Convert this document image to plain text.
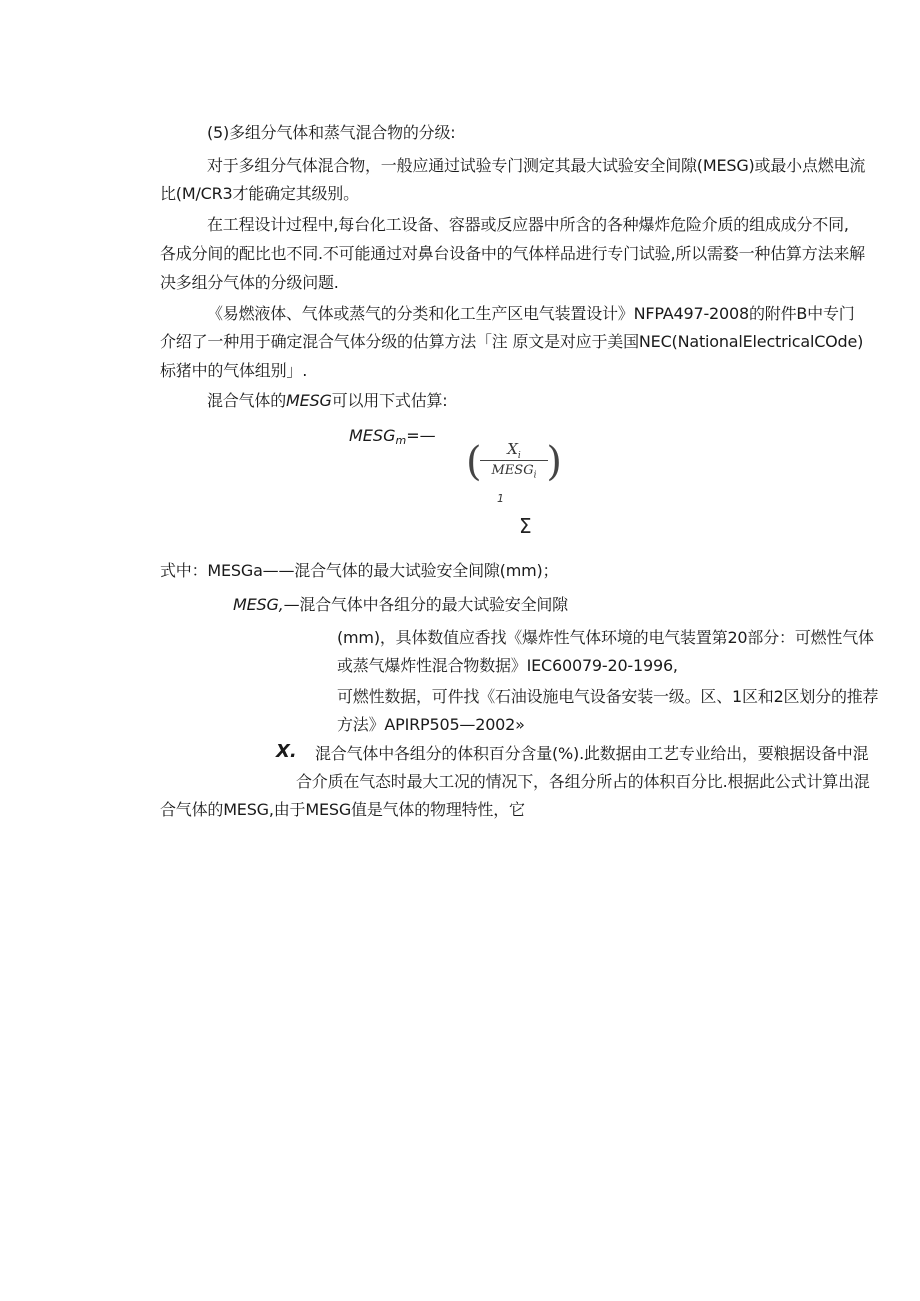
(5)多组分气体和蒸气混合物的分级:
对于多组分气体混合物，一般应通过试验专门测定其最大试验安全间隙(MESG)或最小点燃电流
比(M/CR3才能确定其级别。
在工程设计过程中,每台化工设备、容器或反应器中所含的各种爆炸危险介质的组成成分不同,
各成分间的配比也不同.不可能通过对鼻台设备中的气体样品进行专门试验,所以需婺一种估算方法来解
决多组分气体的分级问题.
《易燃液体、气体或蒸气的分类和化工生产区电气装置设计》NFPA497-2008的附件B中专门
介绍了一种用于确定混合气体分级的估算方法「注 原文是对应于美国NEC(NationalElectricalCOde)
标猪中的气体组别」.
混合气体的MESG可以用下式估算:
$MESG_m=—$
(	$X_i$
$MESG_i$ )
1
Σ
式中：MESGa——混合气体的最大试验安全间隙(mm)；
MESG,—混合气体中各组分的最大试验安全间隙
(mm)，具体数值应香找《爆炸性气体环境的电气装置第20部分：可燃性气体
或蒸气爆炸性混合物数据》IEC60079-20-1996,
可燃性数据，可件找《石油设施电气设备安装一级。区、1区和2区划分的推荐
方法》APIRP505—2002»
X. 混合气体中各组分的体积百分含量(%).此数据由工艺专业给出，要粮据设备中混
合介质在气态时最大工况的情况下，各组分所占的体积百分比.根据此公式计算出混
合气体的MESG,由于MESG值是气体的物理特性，它
